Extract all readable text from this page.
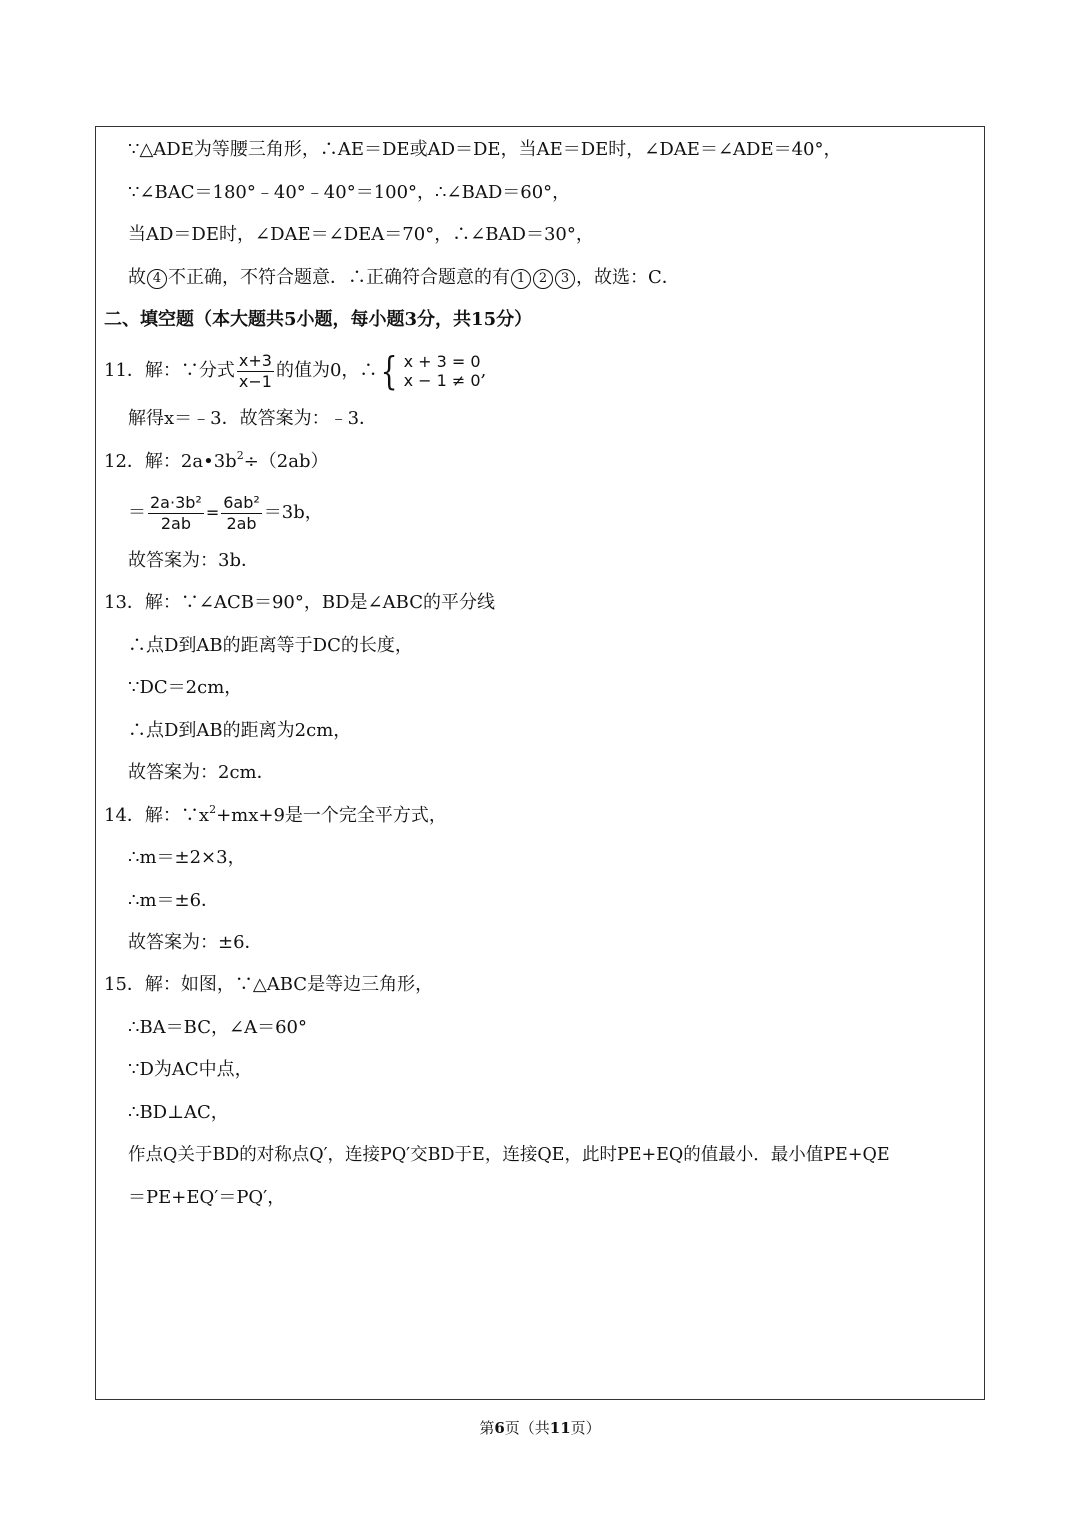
∵△ADE为等腰三角形，∴AE＝DE或AD＝DE，当AE＝DE时，∠DAE＝∠ADE＝40°，
∵∠BAC＝180°﹣40°﹣40°＝100°，∴∠BAD＝60°，
当AD＝DE时，∠DAE＝∠DEA＝70°，∴∠BAD＝30°，
故 4 不正确，不符合题意．∴正确符合题意的有 1 2 3 ，故选：C．
二、填空题（本大题共5小题，每小题3分，共15分）
11．解：∵分式 $\frac{x+3}{x-1}$ 的值为0，∴ { x + 3 = 0
x − 1 ≠ 0 ,
解得x＝﹣3．故答案为：﹣3．
12．解：$2a•3b^2\div(2ab)$
＝ $\frac{\text{2a·3b²}}{2ab} = \frac{\text{6ab²}}{2ab} =3b$，
故答案为：3b．
13．解：∵∠ACB＝90°，BD是∠ABC的平分线
∴点D到AB的距离等于DC的长度，
∵DC＝2cm，
∴点D到AB的距离为2cm，
故答案为：2cm．
14．解：$\because x^2+mx+9$是一个完全平方式，
∴m＝±2×3，
∴m＝±6．
故答案为：±6．
15．解：如图，∵△ABC是等边三角形，
∴BA＝BC，∠A＝60°
∵D为AC中点，
∴BD⊥AC，
作点Q关于BD的对称点Q′，连接PQ′交BD于E，连接QE，此时PE+EQ的值最小．最小值PE+QE
＝PE+EQ′＝PQ′，
第6页（共11页）
